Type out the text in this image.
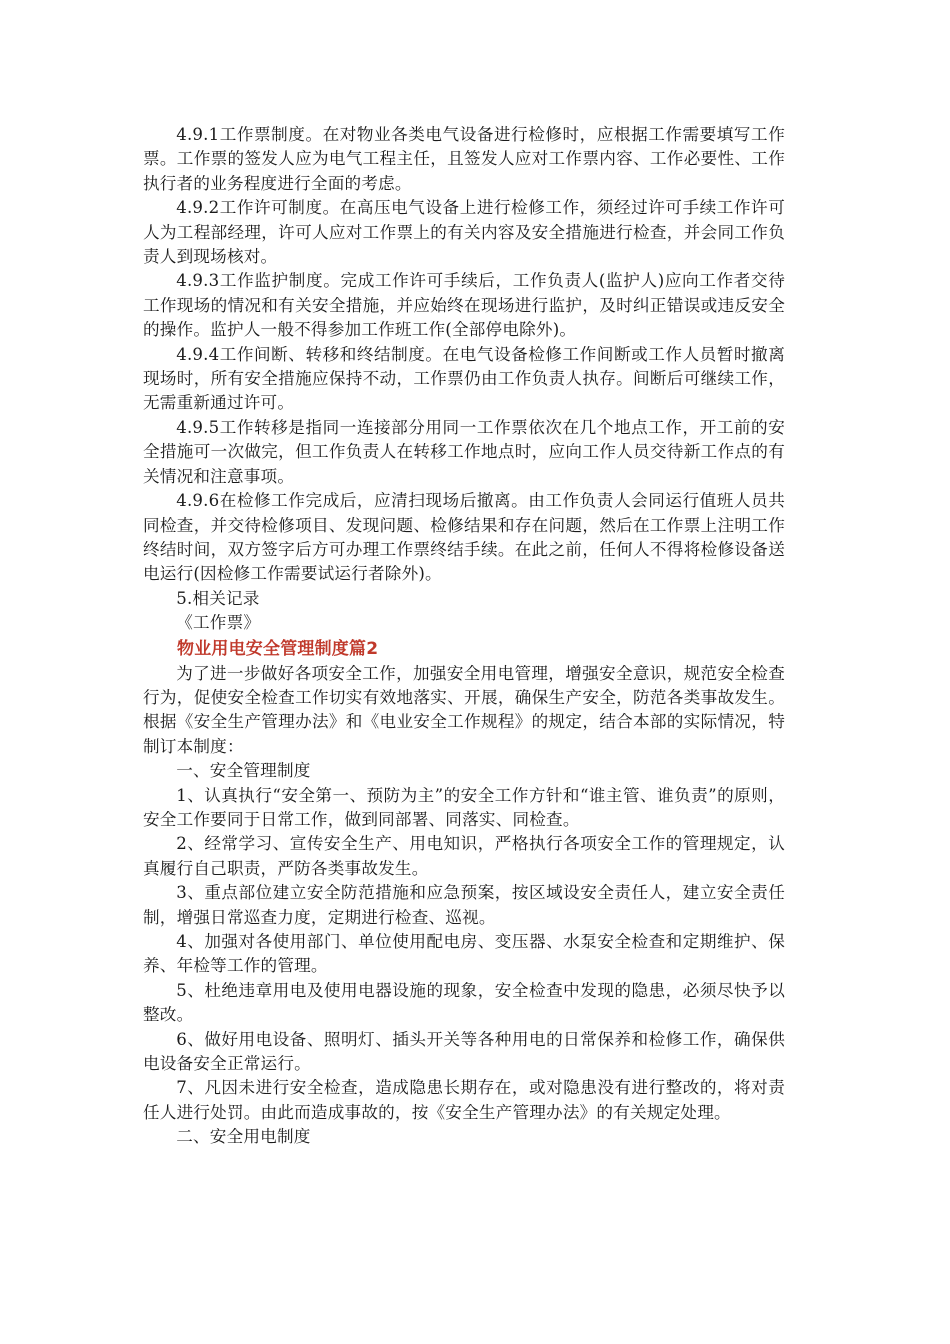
4.9.1工作票制度。在对物业各类电气设备进行检修时，应根据工作需要填写工作票。工作票的签发人应为电气工程主任，且签发人应对工作票内容、工作必要性、工作执行者的业务程度进行全面的考虑。

4.9.2工作许可制度。在高压电气设备上进行检修工作，须经过许可手续工作许可人为工程部经理，许可人应对工作票上的有关内容及安全措施进行检查，并会同工作负责人到现场核对。

4.9.3工作监护制度。完成工作许可手续后，工作负责人(监护人)应向工作者交待工作现场的情况和有关安全措施，并应始终在现场进行监护，及时纠正错误或违反安全的操作。监护人一般不得参加工作班工作(全部停电除外)。

4.9.4工作间断、转移和终结制度。在电气设备检修工作间断或工作人员暂时撤离现场时，所有安全措施应保持不动，工作票仍由工作负责人执存。间断后可继续工作，无需重新通过许可。

4.9.5工作转移是指同一连接部分用同一工作票依次在几个地点工作，开工前的安全措施可一次做完，但工作负责人在转移工作地点时，应向工作人员交待新工作点的有关情况和注意事项。

4.9.6在检修工作完成后，应清扫现场后撤离。由工作负责人会同运行值班人员共同检查，并交待检修项目、发现问题、检修结果和存在问题，然后在工作票上注明工作终结时间，双方签字后方可办理工作票终结手续。在此之前，任何人不得将检修设备送电运行(因检修工作需要试运行者除外)。

5.相关记录

《工作票》

物业用电安全管理制度篇2

为了进一步做好各项安全工作，加强安全用电管理，增强安全意识，规范安全检查行为，促使安全检查工作切实有效地落实、开展，确保生产安全，防范各类事故发生。根据《安全生产管理办法》和《电业安全工作规程》的规定，结合本部的实际情况，特制订本制度：

一、安全管理制度

1、认真执行“安全第一、预防为主”的安全工作方针和“谁主管、谁负责”的原则，安全工作要同于日常工作，做到同部署、同落实、同检查。

2、经常学习、宣传安全生产、用电知识，严格执行各项安全工作的管理规定，认真履行自己职责，严防各类事故发生。

3、重点部位建立安全防范措施和应急预案，按区域设安全责任人，建立安全责任制，增强日常巡查力度，定期进行检查、巡视。

4、加强对各使用部门、单位使用配电房、变压器、水泵安全检查和定期维护、保养、年检等工作的管理。

5、杜绝违章用电及使用电器设施的现象，安全检查中发现的隐患，必须尽快予以整改。

6、做好用电设备、照明灯、插头开关等各种用电的日常保养和检修工作，确保供电设备安全正常运行。

7、凡因未进行安全检查，造成隐患长期存在，或对隐患没有进行整改的，将对责任人进行处罚。由此而造成事故的，按《安全生产管理办法》的有关规定处理。

二、安全用电制度
